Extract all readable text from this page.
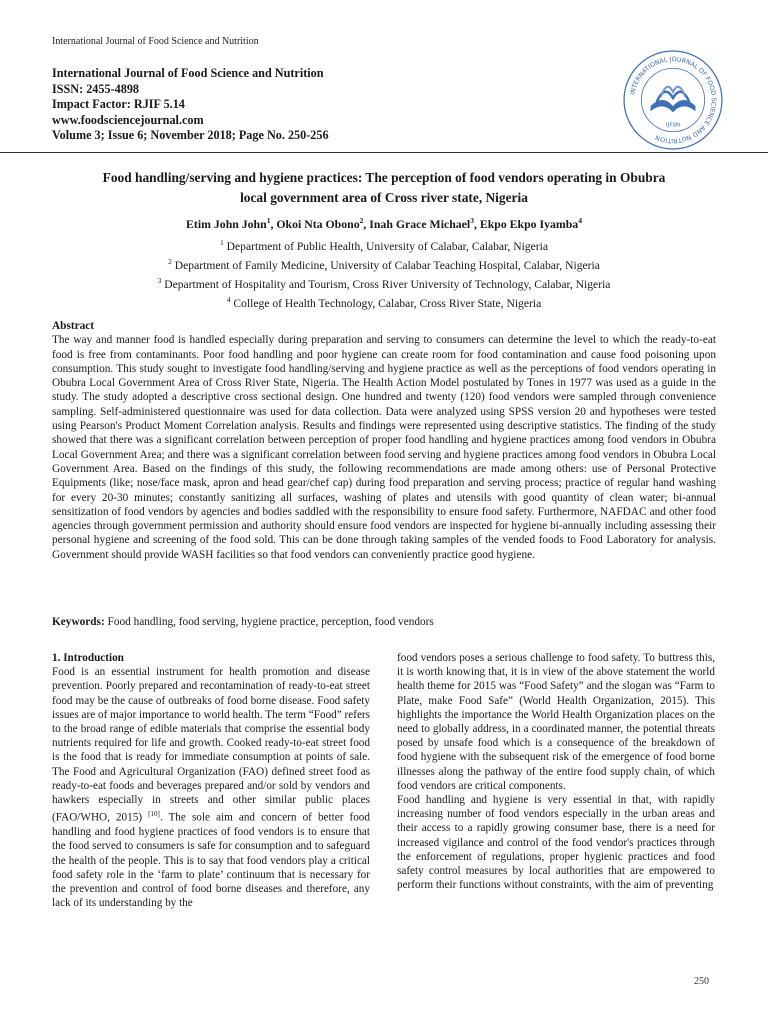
International Journal of Food Science and Nutrition
International Journal of Food Science and Nutrition
ISSN: 2455-4898
Impact Factor: RJIF 5.14
www.foodsciencejournal.com
Volume 3; Issue 6; November 2018; Page No. 250-256
INTERNATIONAL JOURNAL OF FOOD SCIENCE AND NUTRITION
IJFSN
Food handling/serving and hygiene practices: The perception of food vendors operating in Obubra
local government area of Cross river state, Nigeria
Etim John John$^1$, Okoi Nta Obono$^2$, Inah Grace Michael$^3$, Ekpo Ekpo Iyamba$^4$
$^1$ Department of Public Health, University of Calabar, Calabar, Nigeria
$^2$ Department of Family Medicine, University of Calabar Teaching Hospital, Calabar, Nigeria
$^3$ Department of Hospitality and Tourism, Cross River University of Technology, Calabar, Nigeria
$^4$ College of Health Technology, Calabar, Cross River State, Nigeria
Abstract
The way and manner food is handled especially during preparation and serving to consumers can determine the level to which the ready-to-eat food is free from contaminants. Poor food handling and poor hygiene can create room for food contamination and cause food poisoning upon consumption. This study sought to investigate food handling/serving and hygiene practice as well as the perceptions of food vendors operating in Obubra Local Government Area of Cross River State, Nigeria. The Health Action Model postulated by Tones in 1977 was used as a guide in the study. The study adopted a descriptive cross sectional design. One hundred and twenty (120) food vendors were sampled through convenience sampling. Self-administered questionnaire was used for data collection. Data were analyzed using SPSS version 20 and hypotheses were tested using Pearson's Product Moment Correlation analysis. Results and findings were represented using descriptive statistics. The finding of the study showed that there was a significant correlation between perception of proper food handling and hygiene practices among food vendors in Obubra Local Government Area; and there was a significant correlation between food serving and hygiene practices among food vendors in Obubra Local Government Area. Based on the findings of this study, the following recommendations are made among others: use of Personal Protective Equipments (like; nose/face mask, apron and head gear/chef cap) during food preparation and serving process; practice of regular hand washing for every 20-30 minutes; constantly sanitizing all surfaces, washing of plates and utensils with good quantity of clean water; bi-annual sensitization of food vendors by agencies and bodies saddled with the responsibility to ensure food safety. Furthermore, NAFDAC and other food agencies through government permission and authority should ensure food vendors are inspected for hygiene bi-annually including assessing their personal hygiene and screening of the food sold. This can be done through taking samples of the vended foods to Food Laboratory for analysis. Government should provide WASH facilities so that food vendors can conveniently practice good hygiene.
Keywords: Food handling, food serving, hygiene practice, perception, food vendors
1. Introduction

Food is an essential instrument for health promotion and disease prevention. Poorly prepared and recontamination of ready-to-eat street food may be the cause of outbreaks of food borne disease. Food safety issues are of major importance to world health. The term “Food” refers to the broad range of edible materials that comprise the essential body nutrients required for life and growth. Cooked ready-to-eat street food is the food that is ready for immediate consumption at points of sale. The Food and Agricultural Organization (FAO) defined street food as ready-to-eat foods and beverages prepared and/or sold by vendors and hawkers especially in streets and other similar public places (FAO/WHO, 2015) [10]. The sole aim and concern of better food handling and food hygiene practices of food vendors is to ensure that the food served to consumers is safe for consumption and to safeguard the health of the people. This is to say that food vendors play a critical food safety role in the ‘farm to plate’ continuum that is necessary for the prevention and control of food borne diseases and therefore, any lack of its understanding by the

food vendors poses a serious challenge to food safety. To buttress this, it is worth knowing that, it is in view of the above statement the world health theme for 2015 was “Food Safety” and the slogan was “Farm to Plate, make Food Safe” (World Health Organization, 2015). This highlights the importance the World Health Organization places on the need to globally address, in a coordinated manner, the potential threats posed by unsafe food which is a consequence of the breakdown of food hygiene with the subsequent risk of the emergence of food borne illnesses along the pathway of the entire food supply chain, of which food vendors are critical components.

Food handling and hygiene is very essential in that, with rapidly increasing number of food vendors especially in the urban areas and their access to a rapidly growing consumer base, there is a need for increased vigilance and control of the food vendor's practices through the enforcement of regulations, proper hygienic practices and food safety control measures by local authorities that are empowered to perform their functions without constraints, with the aim of preventing

250
